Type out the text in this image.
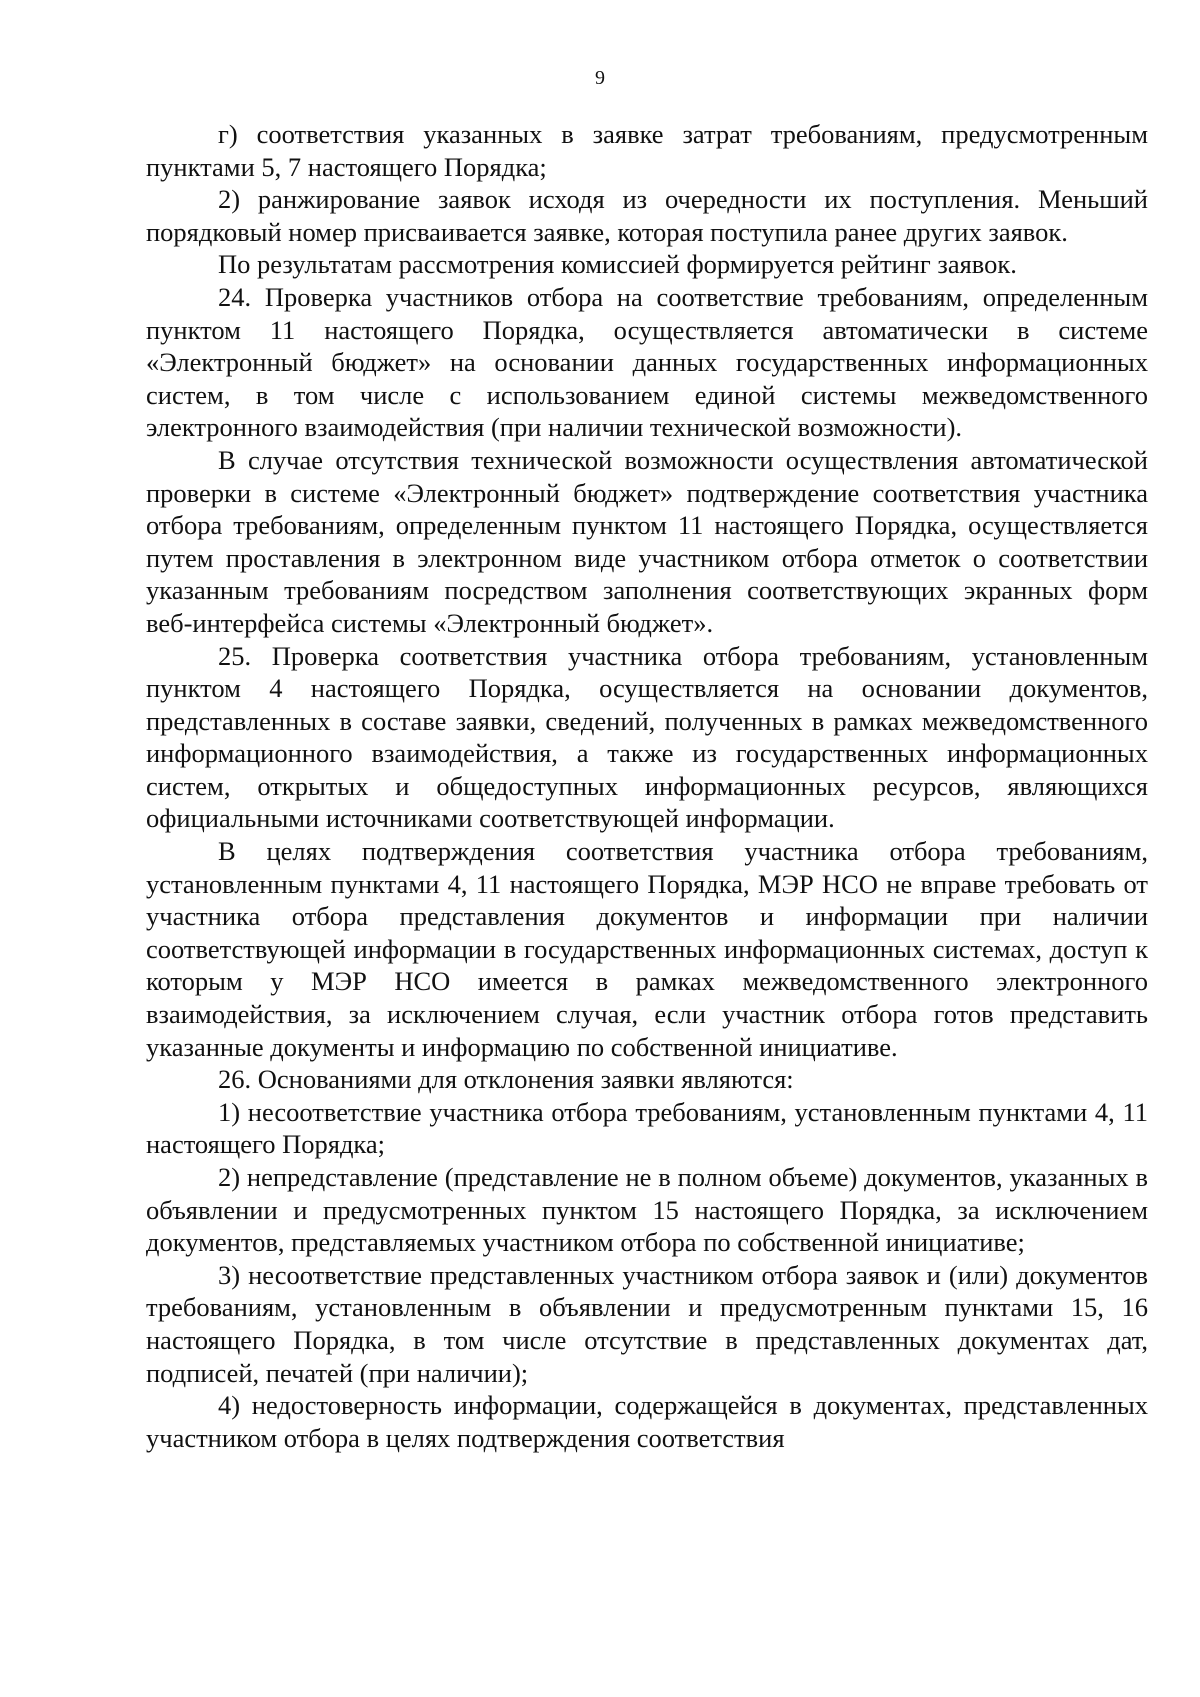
9

г) соответствия указанных в заявке затрат требованиям, предусмотренным пунктами 5, 7 настоящего Порядка;

2) ранжирование заявок исходя из очередности их поступления. Меньший порядковый номер присваивается заявке, которая поступила ранее других заявок.

По результатам рассмотрения комиссией формируется рейтинг заявок.

24. Проверка участников отбора на соответствие требованиям, определенным пунктом 11 настоящего Порядка, осуществляется автоматически в системе «Электронный бюджет» на основании данных государственных информационных систем, в том числе с использованием единой системы межведомственного электронного взаимодействия (при наличии технической возможности).

В случае отсутствия технической возможности осуществления автоматической проверки в системе «Электронный бюджет» подтверждение соответствия участника отбора требованиям, определенным пунктом 11 настоящего Порядка, осуществляется путем проставления в электронном виде участником отбора отметок о соответствии указанным требованиям посредством заполнения соответствующих экранных форм веб-интерфейса системы «Электронный бюджет».

25. Проверка соответствия участника отбора требованиям, установленным пунктом 4 настоящего Порядка, осуществляется на основании документов, представленных в составе заявки, сведений, полученных в рамках межведомственного информационного взаимодействия, а также из государственных информационных систем, открытых и общедоступных информационных ресурсов, являющихся официальными источниками соответствующей информации.

В целях подтверждения соответствия участника отбора требованиям, установленным пунктами 4, 11 настоящего Порядка, МЭР НСО не вправе требовать от участника отбора представления документов и информации при наличии соответствующей информации в государственных информационных системах, доступ к которым у МЭР НСО имеется в рамках межведомственного электронного взаимодействия, за исключением случая, если участник отбора готов представить указанные документы и информацию по собственной инициативе.

26. Основаниями для отклонения заявки являются:

1) несоответствие участника отбора требованиям, установленным пунктами 4, 11 настоящего Порядка;

2) непредставление (представление не в полном объеме) документов, указанных в объявлении и предусмотренных пунктом 15 настоящего Порядка, за исключением документов, представляемых участником отбора по собственной инициативе;

3) несоответствие представленных участником отбора заявок и (или) документов требованиям, установленным в объявлении и предусмотренным пунктами 15, 16 настоящего Порядка, в том числе отсутствие в представленных документах дат, подписей, печатей (при наличии);

4) недостоверность информации, содержащейся в документах, представленных участником отбора в целях подтверждения соответствия
